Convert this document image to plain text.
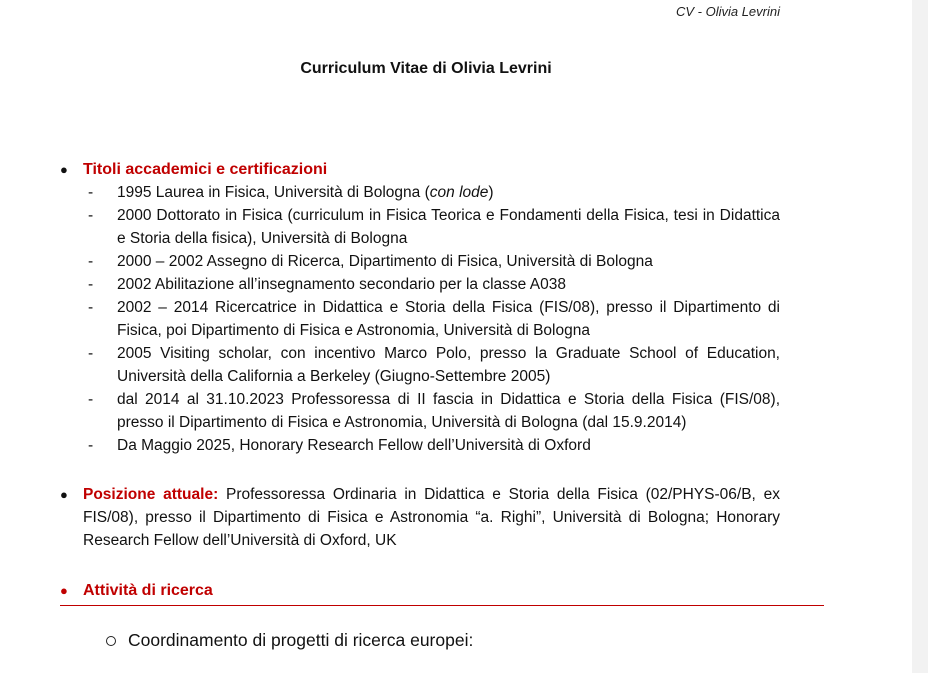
CV - Olivia Levrini
Curriculum Vitae di Olivia Levrini
● Titoli accademici e certificazioni
-	1995 Laurea in Fisica, Università di Bologna (con lode)
-	2000 Dottorato in Fisica (curriculum in Fisica Teorica e Fondamenti della Fisica, tesi in Didattica e Storia della fisica), Università di Bologna
-	2000 – 2002 Assegno di Ricerca, Dipartimento di Fisica, Università di Bologna
-	2002 Abilitazione all’insegnamento secondario per la classe A038
-	2002 – 2014 Ricercatrice in Didattica e Storia della Fisica (FIS/08), presso il Dipartimento di Fisica, poi Dipartimento di Fisica e Astronomia, Università di Bologna
-	2005 Visiting scholar, con incentivo Marco Polo, presso la Graduate School of Education, Università della California a Berkeley (Giugno-Settembre 2005)
-	dal 2014 al 31.10.2023 Professoressa di II fascia in Didattica e Storia della Fisica (FIS/08), presso il Dipartimento di Fisica e Astronomia, Università di Bologna (dal 15.9.2014)
-	Da Maggio 2025, Honorary Research Fellow dell’Università di Oxford
● Posizione attuale: Professoressa Ordinaria in Didattica e Storia della Fisica (02/PHYS-06/B, ex FIS/08), presso il Dipartimento di Fisica e Astronomia “a. Righi”, Università di Bologna; Honorary Research Fellow dell’Università di Oxford, UK
● Attività di ricerca
Coordinamento di progetti di ricerca europei:
